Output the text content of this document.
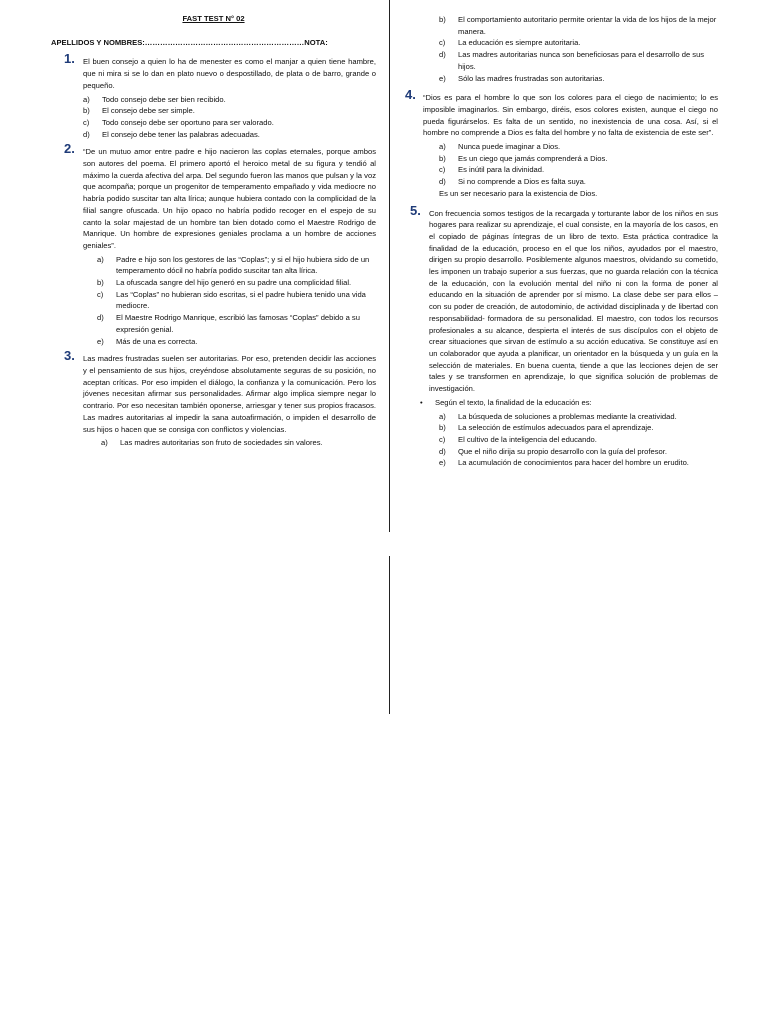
FAST TEST N° 02
APELLIDOS Y NOMBRES:………………………………………………………NOTA:
1. El buen consejo a quien lo ha de menester es como el manjar a quien tiene hambre, que ni mira si se lo dan en plato nuevo o despostillado, de plata o de barro, grande o pequeño.

a) Todo consejo debe ser bien recibido.
b) El consejo debe ser simple.
c) Todo consejo debe ser oportuno para ser valorado.
d) El consejo debe tener las palabras adecuadas.
2. “De un mutuo amor entre padre e hijo nacieron las coplas eternales, porque ambos son autores del poema. El primero aportó el heroico metal de su figura y tendió al máximo la cuerda afectiva del arpa. Del segundo fueron las manos que pulsan y la voz que acompaña; porque un progenitor de temperamento empañado y vida mediocre no habría podido suscitar tan alta lírica; aunque hubiera contado con la complicidad de la filial sangre ofuscada. Un hijo opaco no habría podido recoger en el espejo de su canto la solar majestad de un hombre tan bien dotado como el Maestre Rodrigo de Manrique. Un hombre de expresiones geniales proclama a un hombre de acciones geniales”.

a) Padre e hijo son los gestores de las “Coplas”; y si el hijo hubiera sido de un temperamento dócil no habría podido suscitar tan alta lírica.
b) La ofuscada sangre del hijo generó en su padre una complicidad filial.
c) Las “Coplas” no hubieran sido escritas, si el padre hubiera tenido una vida mediocre.
d) El Maestre Rodrigo Manrique, escribió las famosas “Coplas” debido a su expresión genial.
e) Más de una es correcta.
3. Las madres frustradas suelen ser autoritarias. Por eso, pretenden decidir las acciones y el pensamiento de sus hijos, creyéndose absolutamente seguras de su posición, no aceptan críticas. Por eso impiden el diálogo, la confianza y la comunicación. Pero los jóvenes necesitan afirmar sus personalidades. Afirmar algo implica siempre negar lo contrario. Por eso necesitan también oponerse, arriesgar y tener sus propios fracasos. Las madres autoritarias al impedir la sana autoafirmación, o impiden el desarrollo de sus hijos o hacen que se consiga con conflictos y violencias.

a) Las madres autoritarias son fruto de sociedades sin valores.
b) El comportamiento autoritario permite orientar la vida de los hijos de la mejor manera.
c) La educación es siempre autoritaria.
d) Las madres autoritarias nunca son beneficiosas para el desarrollo de sus hijos.
e) Sólo las madres frustradas son autoritarias.
4. “Dios es para el hombre lo que son los colores para el ciego de nacimiento; lo es imposible imaginarlos. Sin embargo, diréis, esos colores existen, aunque el ciego no pueda figurárselos. Es falta de un sentido, no inexistencia de una cosa. Así, si el hombre no comprende a Dios es falta del hombre y no falta de existencia de este ser”.

a) Nunca puede imaginar a Dios.
b) Es un ciego que jamás comprenderá a Dios.
c) Es inútil para la divinidad.
d) Si no comprende a Dios es falta suya.
Es un ser necesario para la existencia de Dios.
5. Con frecuencia somos testigos de la recargada y torturante labor de los niños en sus hogares para realizar su aprendizaje, el cual consiste, en la mayoría de los casos, en el copiado de páginas íntegras de un libro de texto. Esta práctica contradice la finalidad de la educación, proceso en el que los niños, ayudados por el maestro, dirigen su propio desarrollo. Posiblemente algunos maestros, olvidando su cometido, les imponen un trabajo superior a sus fuerzas, que no guarda relación con la técnica de la educación, con la evolución mental del niño ni con la forma de poner al educando en la situación de aprender por sí mismo. La clase debe ser para ellos –con su poder de creación, de autodominio, de actividad disciplinada y de libertad con responsabilidad- formadora de su personalidad. El maestro, con todos los recursos profesionales a su alcance, despierta el interés de sus discípulos con el objeto de crear situaciones que sirvan de estímulo a su acción educativa. Se constituye así en un colaborador que ayuda a planificar, un orientador en la búsqueda y un guía en la selección de materiales. En buena cuenta, tiende a que las lecciones dejen de ser tales y se transformen en aprendizaje, lo que significa solución de problemas de investigación.

• Según el texto, la finalidad de la educación es:
a) La búsqueda de soluciones a problemas mediante la creatividad.
b) La selección de estímulos adecuados para el aprendizaje.
c) El cultivo de la inteligencia del educando.
d) Que el niño dirija su propio desarrollo con la guía del profesor.
e) La acumulación de conocimientos para hacer del hombre un erudito.
